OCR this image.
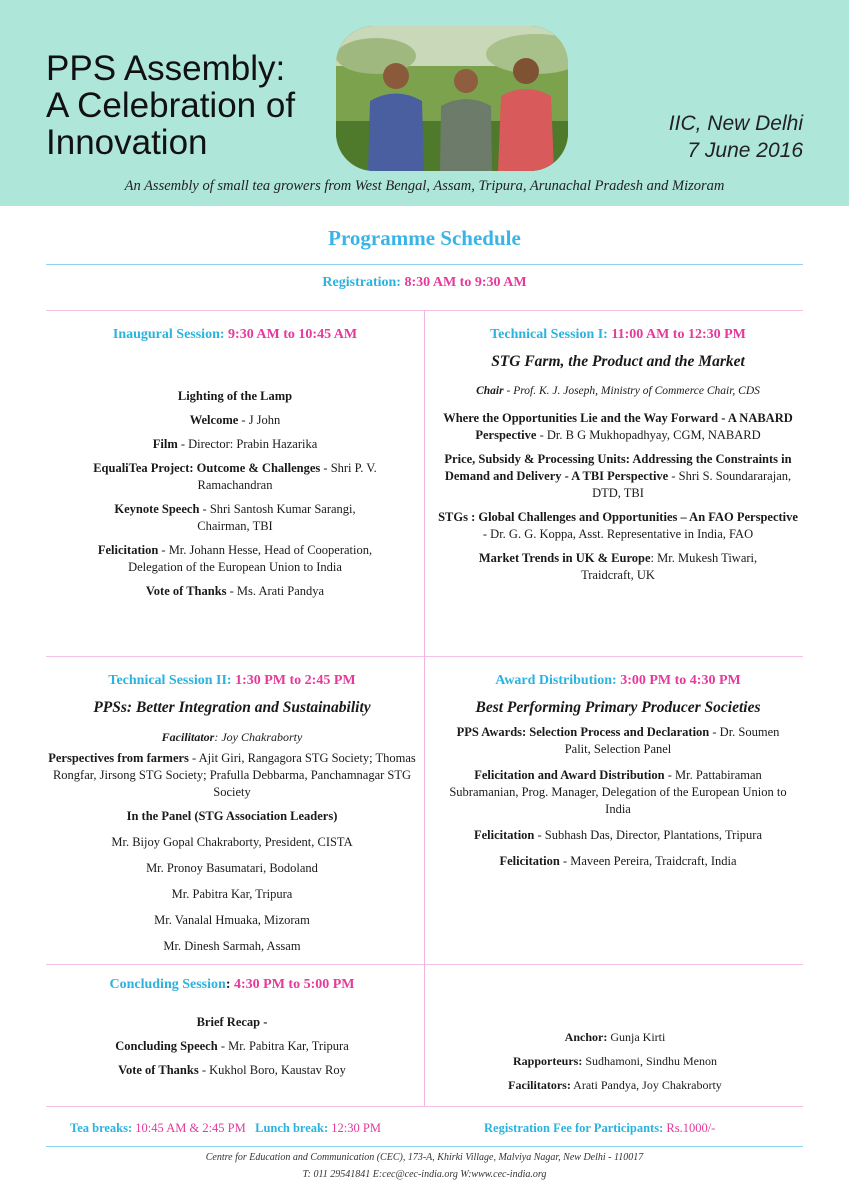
PPS Assembly:
A Celebration of
Innovation	IIC, New Delhi
7 June 2016
An Assembly of small tea growers from West Bengal, Assam, Tripura, Arunachal Pradesh and Mizoram
Programme Schedule
Registration: 8:30 AM to 9:30 AM
Inaugural Session: 9:30 AM to 10:45 AM
Lighting of the Lamp
Welcome - J John
Film - Director: Prabin Hazarika
EqualiTea Project: Outcome & Challenges - Shri P. V. Ramachandran
Keynote Speech - Shri Santosh Kumar Sarangi, Chairman, TBI
Felicitation - Mr. Johann Hesse, Head of Cooperation, Delegation of the European Union to India
Vote of Thanks - Ms. Arati Pandya
Technical Session I: 11:00 AM to 12:30 PM
STG Farm, the Product and the Market
Chair - Prof. K. J. Joseph, Ministry of Commerce Chair, CDS
Where the Opportunities Lie and the Way Forward - A NABARD Perspective - Dr. B G Mukhopadhyay, CGM, NABARD
Price, Subsidy & Processing Units: Addressing the Constraints in Demand and Delivery - A TBI Perspective - Shri S. Soundararajan, DTD, TBI
STGs : Global Challenges and Opportunities – An FAO Perspective - Dr. G. G. Koppa, Asst. Representative in India, FAO
Market Trends in UK & Europe: Mr. Mukesh Tiwari, Traidcraft, UK
Technical Session II: 1:30 PM to 2:45 PM
PPSs: Better Integration and Sustainability
Facilitator: Joy Chakraborty
Perspectives from farmers - Ajit Giri, Rangagora STG Society; Thomas Rongfar, Jirsong STG Society; Prafulla Debbarma, Panchamnagar STG Society
In the Panel (STG Association Leaders)
Mr. Bijoy Gopal Chakraborty, President, CISTA
Mr. Pronoy Basumatari, Bodoland
Mr. Pabitra Kar, Tripura
Mr. Vanalal Hmuaka, Mizoram
Mr. Dinesh Sarmah, Assam
Award Distribution: 3:00 PM to 4:30 PM
Best Performing Primary Producer Societies
PPS Awards: Selection Process and Declaration - Dr. Soumen Palit, Selection Panel
Felicitation and Award Distribution - Mr. Pattabiraman Subramanian, Prog. Manager, Delegation of the European Union to India
Felicitation - Subhash Das, Director, Plantations, Tripura
Felicitation - Maveen Pereira, Traidcraft, India
Concluding Session: 4:30 PM to 5:00 PM
Brief Recap -
Concluding Speech - Mr. Pabitra Kar, Tripura
Vote of Thanks - Kukhol Boro, Kaustav Roy
Anchor: Gunja Kirti
Rapporteurs: Sudhamoni, Sindhu Menon
Facilitators: Arati Pandya, Joy Chakraborty
Tea breaks: 10:45 AM & 2:45 PM Lunch break: 12:30 PM	Registration Fee for Participants: Rs.1000/-
Centre for Education and Communication (CEC), 173-A, Khirki Village, Malviya Nagar, New Delhi - 110017
T: 011 29541841 E:cec@cec-india.org W:www.cec-india.org
